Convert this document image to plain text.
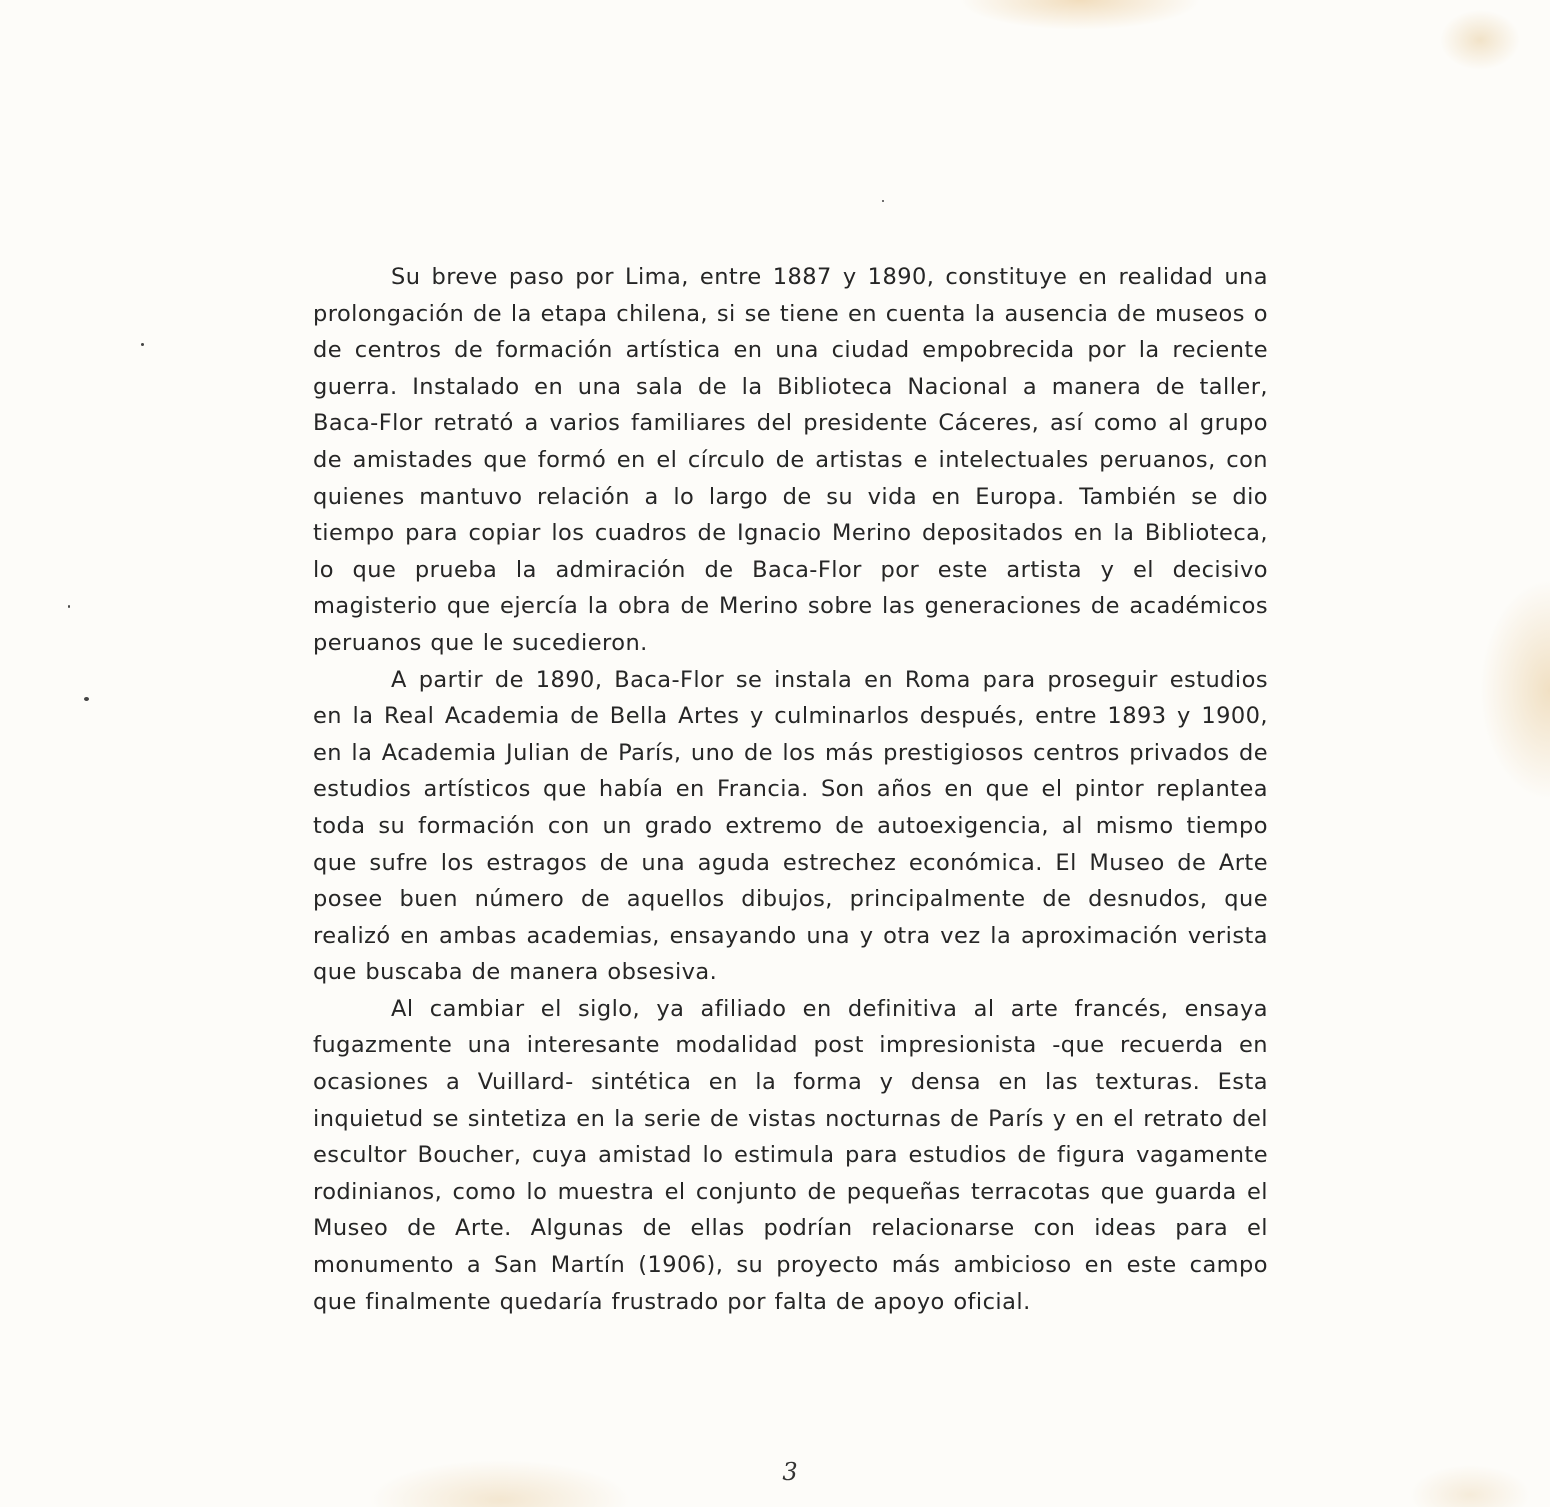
Su breve paso por Lima, entre 1887 y 1890, constituye en realidad una prolongación de la etapa chilena, si se tiene en cuenta la ausencia de museos o de centros de formación artística en una ciudad empobrecida por la reciente guerra. Instalado en una sala de la Biblioteca Nacional a manera de taller, Baca-Flor retrató a varios familiares del presidente Cáceres, así como al grupo de amistades que formó en el círculo de artistas e intelectuales peruanos, con quienes mantuvo relación a lo largo de su vida en Europa. También se dio tiempo para copiar los cuadros de Ignacio Merino depositados en la Biblioteca, lo que prueba la admiración de Baca-Flor por este artista y el decisivo magisterio que ejercía la obra de Merino sobre las generaciones de académicos peruanos que le sucedieron.

A partir de 1890, Baca-Flor se instala en Roma para proseguir estudios en la Real Academia de Bella Artes y culminarlos después, entre 1893 y 1900, en la Academia Julian de París, uno de los más prestigiosos centros privados de estudios artísticos que había en Francia. Son años en que el pintor replantea toda su formación con un grado extremo de autoexigencia, al mismo tiempo que sufre los estragos de una aguda estrechez económica. El Museo de Arte posee buen número de aquellos dibujos, principalmente de desnudos, que realizó en ambas academias, ensayando una y otra vez la aproximación verista que buscaba de manera obsesiva.

Al cambiar el siglo, ya afiliado en definitiva al arte francés, ensaya fugazmente una interesante modalidad post impresionista -que recuerda en ocasiones a Vuillard- sintética en la forma y densa en las texturas. Esta inquietud se sintetiza en la serie de vistas nocturnas de París y en el retrato del escultor Boucher, cuya amistad lo estimula para estudios de figura vagamente rodinianos, como lo muestra el conjunto de pequeñas terracotas que guarda el Museo de Arte. Algunas de ellas podrían relacionarse con ideas para el monumento a San Martín (1906), su proyecto más ambicioso en este campo que finalmente quedaría frustrado por falta de apoyo oficial.

3
